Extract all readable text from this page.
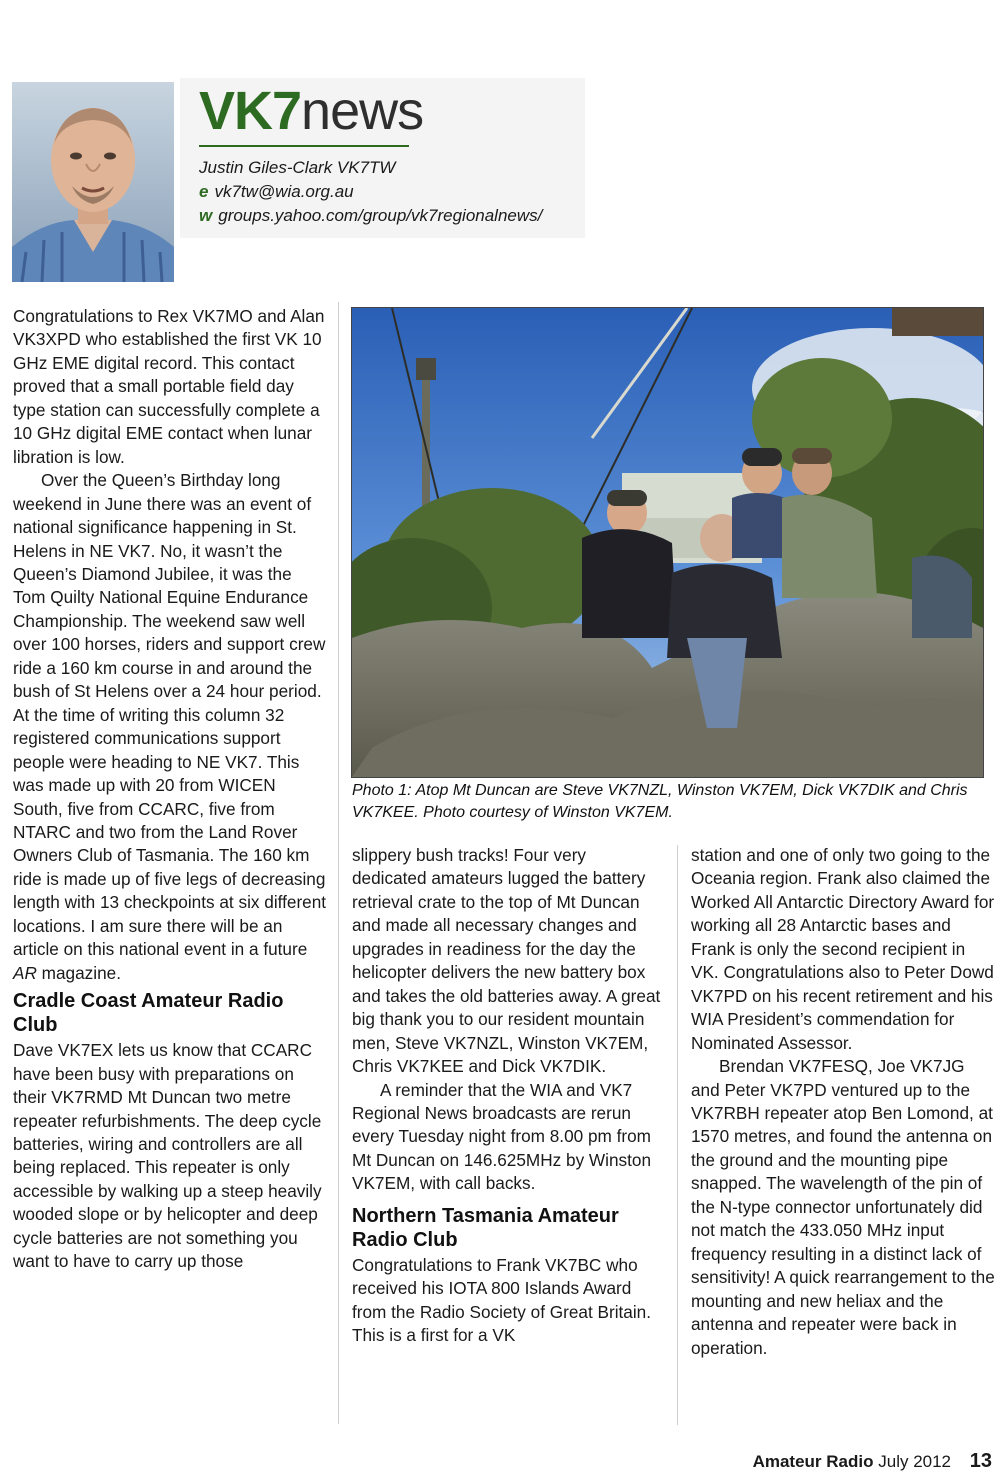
VK7news
Justin Giles-Clark VK7TW
e vk7tw@wia.org.au
w groups.yahoo.com/group/vk7regionalnews/

Congratulations to Rex VK7MO and Alan VK3XPD who established the first VK 10 GHz EME digital record. This contact proved that a small portable field day type station can successfully complete a 10 GHz digital EME contact when lunar libration is low.

Over the Queen’s Birthday long weekend in June there was an event of national significance happening in St. Helens in NE VK7. No, it wasn’t the Queen’s Diamond Jubilee, it was the Tom Quilty National Equine Endurance Championship. The weekend saw well over 100 horses, riders and support crew ride a 160 km course in and around the bush of St Helens over a 24 hour period. At the time of writing this column 32 registered communications support people were heading to NE VK7. This was made up with 20 from WICEN South, five from CCARC, five from NTARC and two from the Land Rover Owners Club of Tasmania. The 160 km ride is made up of five legs of decreasing length with 13 checkpoints at six different locations. I am sure there will be an article on this national event in a future AR magazine.

Cradle Coast Amateur Radio Club

Dave VK7EX lets us know that CCARC have been busy with preparations on their VK7RMD Mt Duncan two metre repeater refurbishments. The deep cycle batteries, wiring and controllers are all being replaced. This repeater is only accessible by walking up a steep heavily wooded slope or by helicopter and deep cycle batteries are not something you want to have to carry up those

Photo 1: Atop Mt Duncan are Steve VK7NZL, Winston VK7EM, Dick VK7DIK and Chris VK7KEE. Photo courtesy of Winston VK7EM.

slippery bush tracks! Four very dedicated amateurs lugged the battery retrieval crate to the top of Mt Duncan and made all necessary changes and upgrades in readiness for the day the helicopter delivers the new battery box and takes the old batteries away. A great big thank you to our resident mountain men, Steve VK7NZL, Winston VK7EM, Chris VK7KEE and Dick VK7DIK.

A reminder that the WIA and VK7 Regional News broadcasts are rerun every Tuesday night from 8.00 pm from Mt Duncan on 146.625MHz by Winston VK7EM, with call backs.

Northern Tasmania Amateur Radio Club

Congratulations to Frank VK7BC who received his IOTA 800 Islands Award from the Radio Society of Great Britain. This is a first for a VK

station and one of only two going to the Oceania region. Frank also claimed the Worked All Antarctic Directory Award for working all 28 Antarctic bases and Frank is only the second recipient in VK. Congratulations also to Peter Dowd VK7PD on his recent retirement and his WIA President’s commendation for Nominated Assessor.

Brendan VK7FESQ, Joe VK7JG and Peter VK7PD ventured up to the VK7RBH repeater atop Ben Lomond, at 1570 metres, and found the antenna on the ground and the mounting pipe snapped. The wavelength of the pin of the N-type connector unfortunately did not match the 433.050 MHz input frequency resulting in a distinct lack of sensitivity! A quick rearrangement to the mounting and new heliax and the antenna and repeater were back in operation.

Amateur Radio July 2012 13
